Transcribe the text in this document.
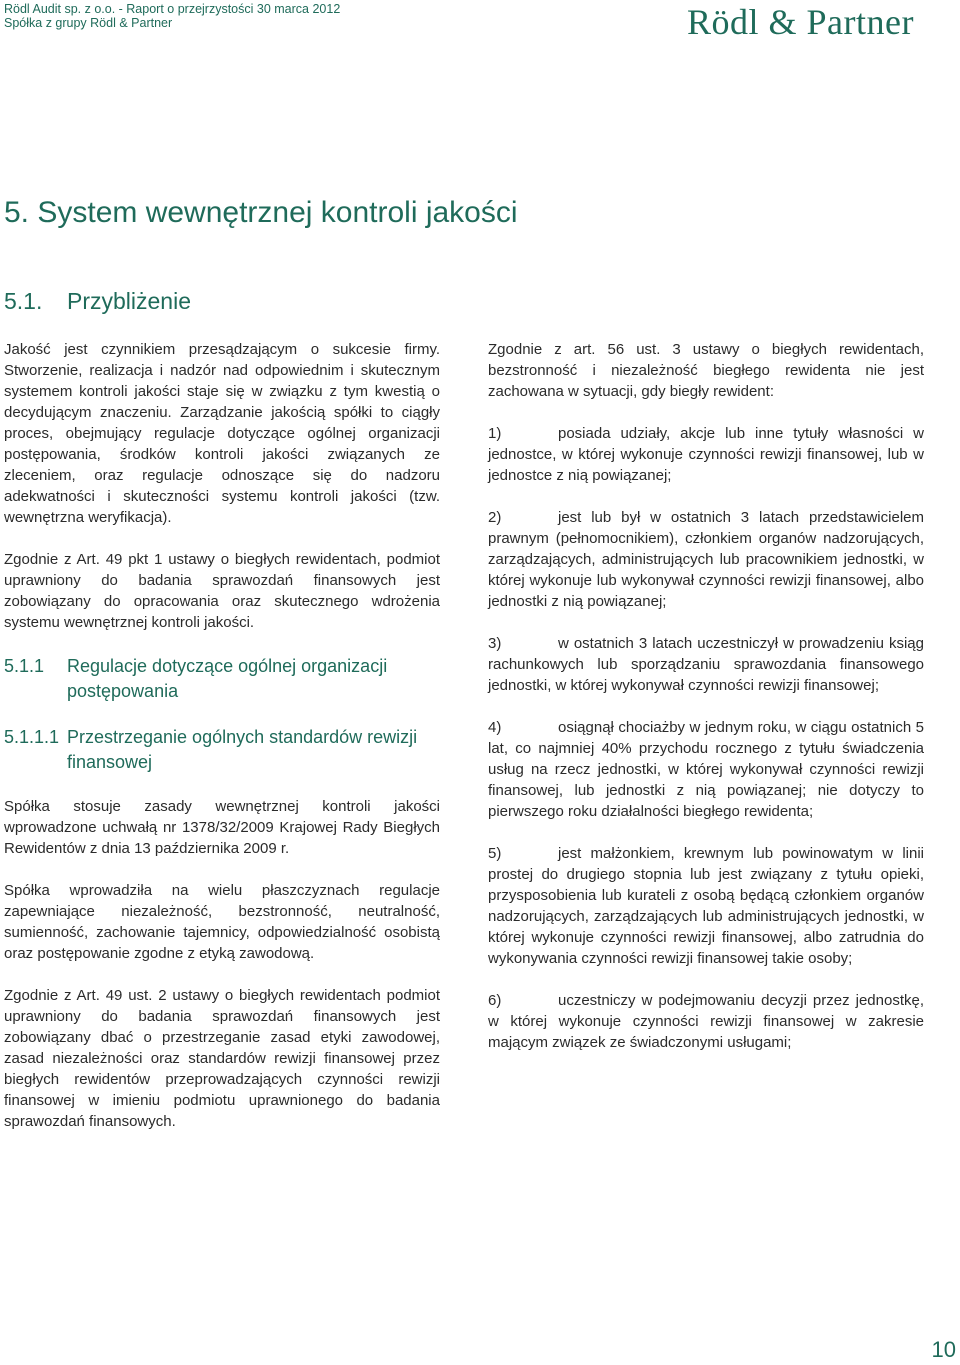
Rödl Audit sp. z o.o. - Raport o przejrzystości 30 marca 2012
Spółka z grupy Rödl & Partner	Rödl & Partner
5. System wewnętrznej kontroli jakości
5.1. Przybliżenie

Jakość jest czynnikiem przesądzającym o sukcesie firmy. Stworzenie, realizacja i nadzór nad odpowiednim i skutecznym systemem kontroli jakości staje się w związku z tym kwestią o decydującym znaczeniu. Zarządzanie jakością spółki to ciągły proces, obejmujący regulacje dotyczące ogólnej organizacji postępowania, środków kontroli jakości związanych ze zleceniem, oraz regulacje odnoszące się do nadzoru adekwatności i skuteczności systemu kontroli jakości (tzw. wewnętrzna weryfikacja).

Zgodnie z Art. 49 pkt 1 ustawy o biegłych rewidentach, podmiot uprawniony do badania sprawozdań finansowych jest zobowiązany do opracowania oraz skutecznego wdrożenia systemu wewnętrznej kontroli jakości.

5.1.1	Regulacje dotyczące ogólnej organizacji postępowania
5.1.1.1 Przestrzeganie ogólnych standardów rewizji finansowej

Spółka stosuje zasady wewnętrznej kontroli jakości wprowadzone uchwałą nr 1378/32/2009 Krajowej Rady Biegłych Rewidentów z dnia 13 października 2009 r.

Spółka wprowadziła na wielu płaszczyznach regulacje zapewniające niezależność, bezstronność, neutralność, sumienność, zachowanie tajemnicy, odpowiedzialność osobistą oraz postępowanie zgodne z etyką zawodową.

Zgodnie z Art. 49 ust. 2 ustawy o biegłych rewidentach podmiot uprawniony do badania sprawozdań finansowych jest zobowiązany dbać o przestrzeganie zasad etyki zawodowej, zasad niezależności oraz standardów rewizji finansowej przez biegłych rewidentów przeprowadzających czynności rewizji finansowej w imieniu podmiotu uprawnionego do badania sprawozdań finansowych.

Zgodnie z art. 56 ust. 3 ustawy o biegłych rewidentach, bezstronność i niezależność biegłego rewidenta nie jest zachowana w sytuacji, gdy biegły rewident:

1)	posiada udziały, akcje lub inne tytuły własności w jednostce, w której wykonuje czynności rewizji finansowej, lub w jednostce z nią powiązanej;
2)	jest lub był w ostatnich 3 latach przedstawicielem prawnym (pełnomocnikiem), członkiem organów nadzorujących, zarządzających, administrujących lub pracownikiem jednostki, w której wykonuje lub wykonywał czynności rewizji finansowej, albo jednostki z nią powiązanej;
3)	w ostatnich 3 latach uczestniczył w prowadzeniu ksiąg rachunkowych lub sporządzaniu sprawozdania finansowego jednostki, w której wykonywał czynności rewizji finansowej;
4)	osiągnął chociażby w jednym roku, w ciągu ostatnich 5 lat, co najmniej 40% przychodu rocznego z tytułu świadczenia usług na rzecz jednostki, w której wykonywał czynności rewizji finansowej, lub jednostki z nią powiązanej; nie dotyczy to pierwszego roku działalności biegłego rewidenta;
5)	jest małżonkiem, krewnym lub powinowatym w linii prostej do drugiego stopnia lub jest związany z tytułu opieki, przysposobienia lub kurateli z osobą będącą członkiem organów nadzorujących, zarządzających lub administrujących jednostki, w której wykonuje czynności rewizji finansowej, albo zatrudnia do wykonywania czynności rewizji finansowej takie osoby;
6)	uczestniczy w podejmowaniu decyzji przez jednostkę, w której wykonuje czynności rewizji finansowej w zakresie mającym związek ze świadczonymi usługami;
10
